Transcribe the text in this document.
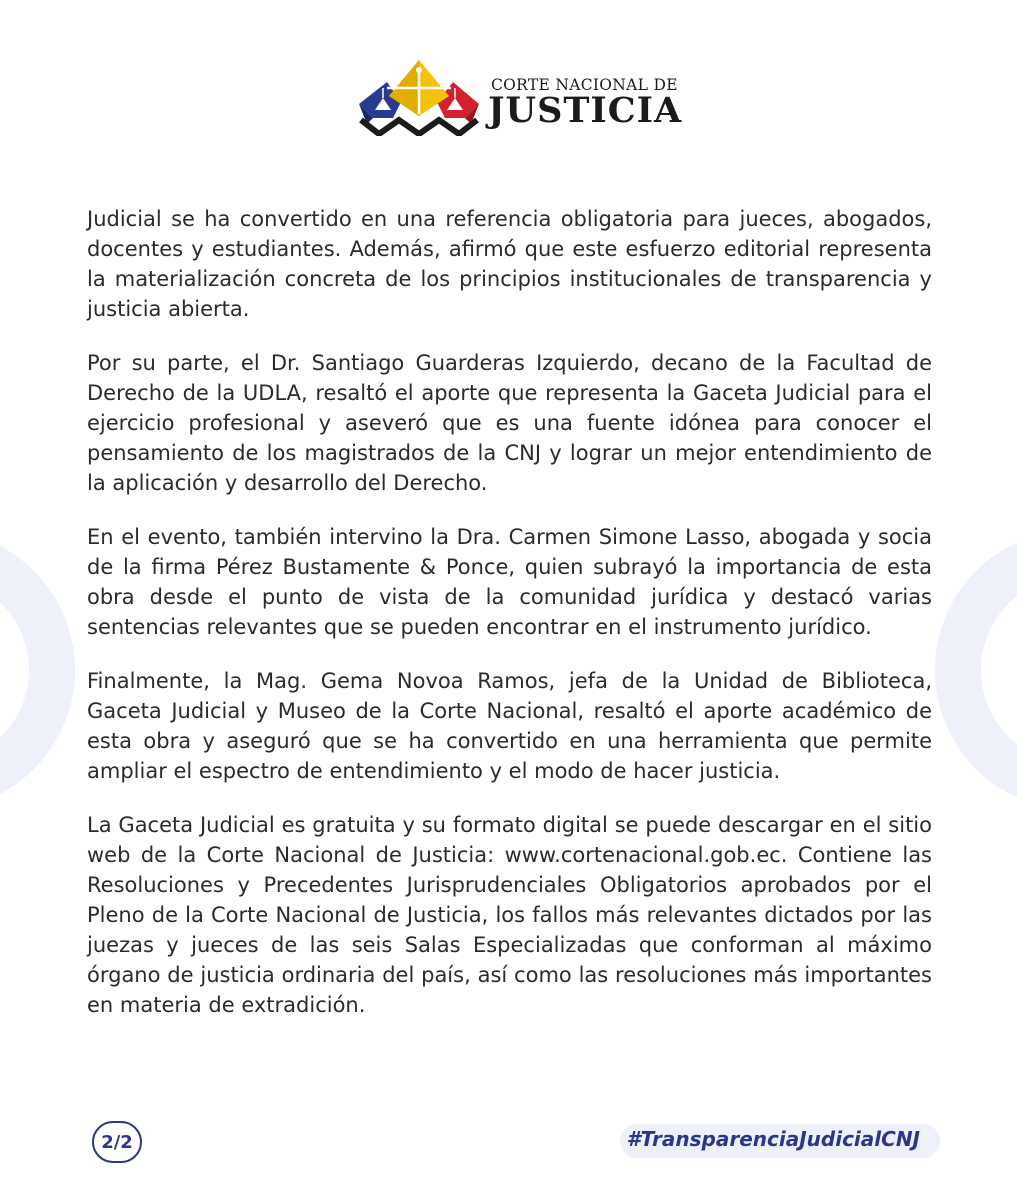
CORTE NACIONAL DE
JUSTICIA

Judicial se ha convertido en una referencia obligatoria para jueces, abogados, docentes y estudiantes. Además, afirmó que este esfuerzo editorial representa la materialización concreta de los principios institucionales de transparencia y justicia abierta.

Por su parte, el Dr. Santiago Guarderas Izquierdo, decano de la Facultad de Derecho de la UDLA, resaltó el aporte que representa la Gaceta Judicial para el ejercicio profesional y aseveró que es una fuente idónea para conocer el pensamiento de los magistrados de la CNJ y lograr un mejor entendimiento de la aplicación y desarrollo del Derecho.

En el evento, también intervino la Dra. Carmen Simone Lasso, abogada y socia de la firma Pérez Bustamente & Ponce, quien subrayó la importancia de esta obra desde el punto de vista de la comunidad jurídica y destacó varias sentencias relevantes que se pueden encontrar en el instrumento jurídico.

Finalmente, la Mag. Gema Novoa Ramos, jefa de la Unidad de Biblioteca, Gaceta Judicial y Museo de la Corte Nacional, resaltó el aporte académico de esta obra y aseguró que se ha convertido en una herramienta que permite ampliar el espectro de entendimiento y el modo de hacer justicia.

La Gaceta Judicial es gratuita y su formato digital se puede descargar en el sitio web de la Corte Nacional de Justicia: www.cortenacional.gob.ec. Contiene las Resoluciones y Precedentes Jurisprudenciales Obligatorios aprobados por el Pleno de la Corte Nacional de Justicia, los fallos más relevantes dictados por las juezas y jueces de las seis Salas Especializadas que conforman al máximo órgano de justicia ordinaria del país, así como las resoluciones más importantes en materia de extradición.

2/2	#TransparenciaJudicialCNJ
